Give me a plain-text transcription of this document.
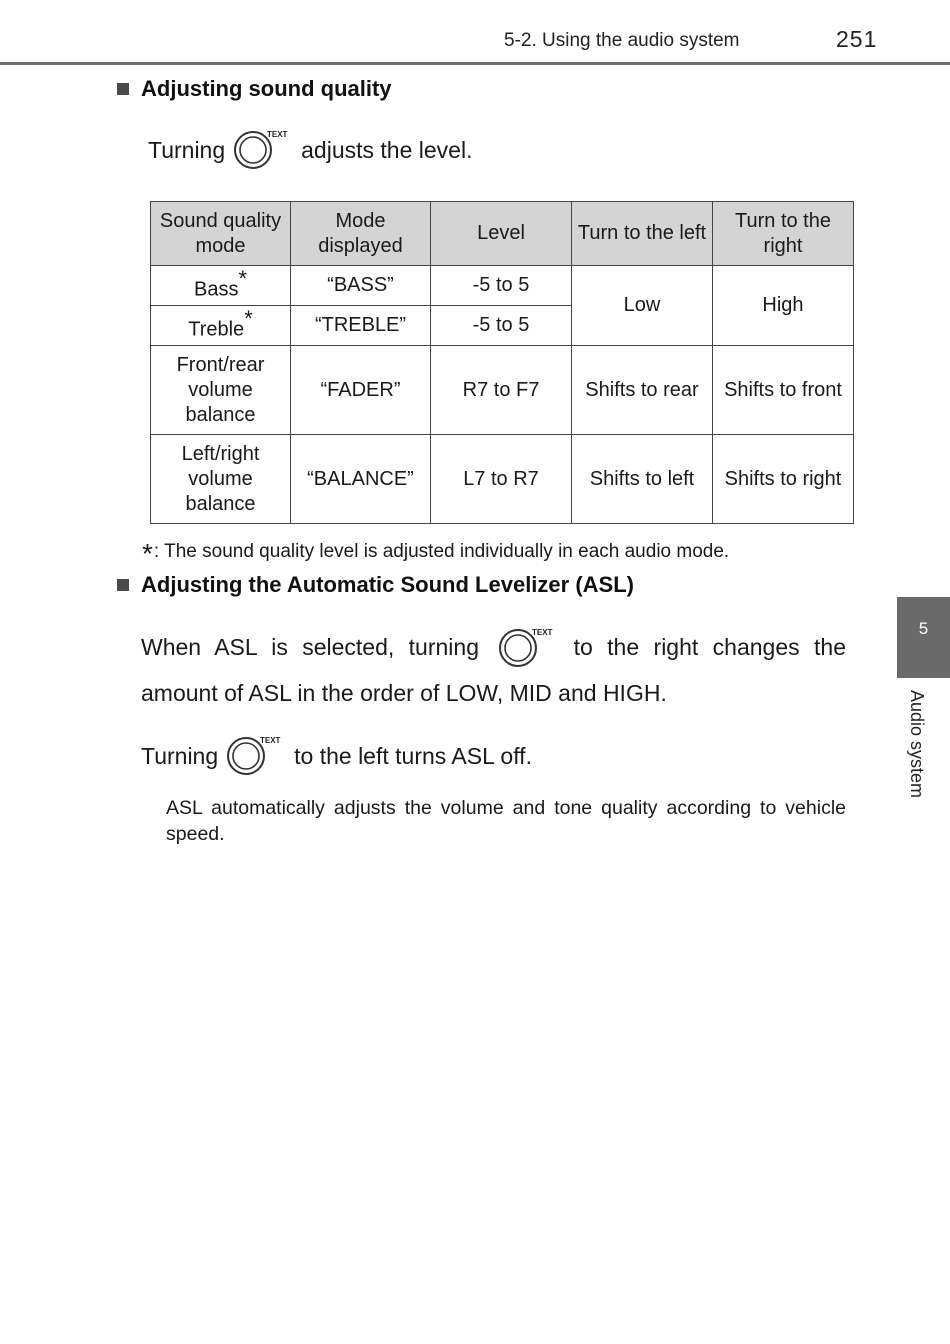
5-2. Using the audio system	251
Adjusting sound quality
Turning
TEXT
adjusts the level.
Sound quality mode	Mode displayed	Level	Turn to the left	Turn to the right
Bass*	“BASS”	-5 to 5	Low	High
Treble*	“TREBLE”	-5 to 5		
Front/rear volume balance	“FADER”	R7 to F7	Shifts to rear	Shifts to front
Left/right volume balance	“BALANCE”	L7 to R7	Shifts to left	Shifts to right
*: The sound quality level is adjusted individually in each audio mode.
Adjusting the Automatic Sound Levelizer (ASL)
When ASL is selected, turning
TEXT
to the right changes the
amount of ASL in the order of LOW, MID and HIGH.
Turning
TEXT
to the left turns ASL off.
ASL automatically adjusts the volume and tone quality according to vehicle speed.
5
Audio system
